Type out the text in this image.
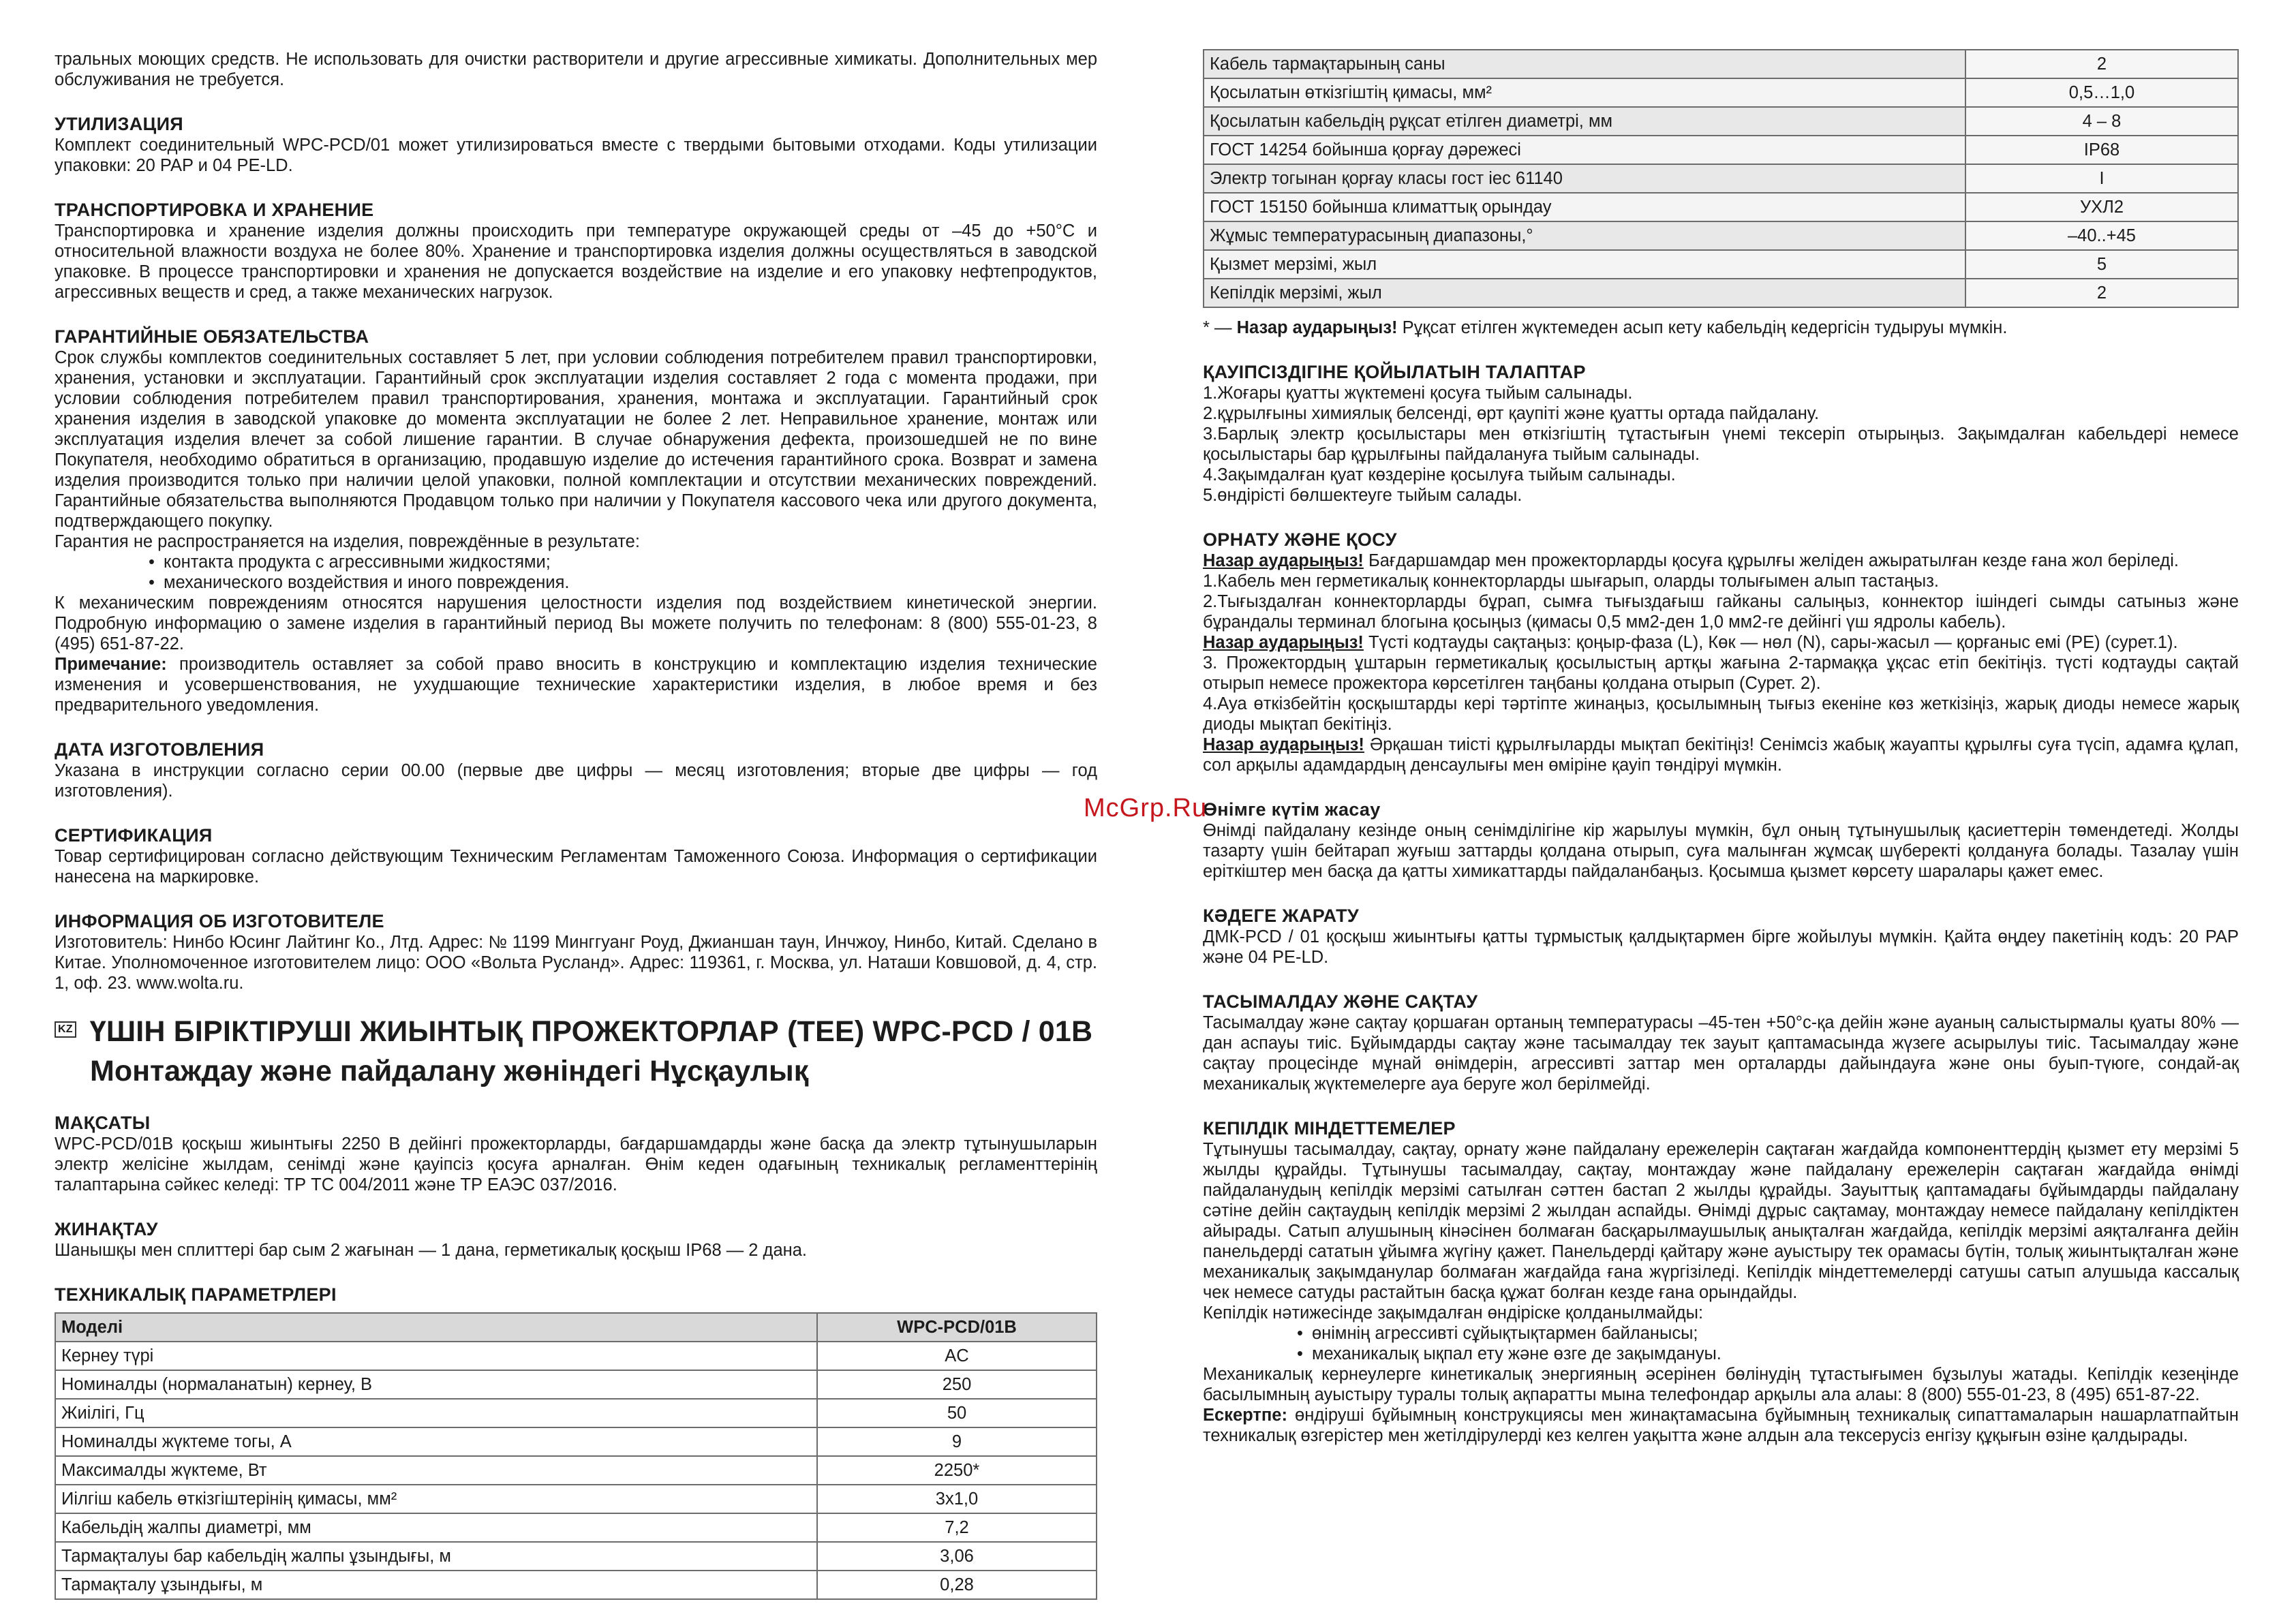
тральных моющих средств. Не использовать для очистки растворители и другие агрессивные химикаты. Дополнительных мер обслуживания не требуется.

УТИЛИЗАЦИЯ

Комплект соединительный WPC-PCD/01 может утилизироваться вместе с твердыми бытовыми отходами. Коды утилизации упаковки: 20 PAP и 04 PE-LD.

ТРАНСПОРТИРОВКА И ХРАНЕНИЕ

Транспортировка и хранение изделия должны происходить при температуре окружающей среды от –45 до +50°С и относительной влажности воздуха не более 80%. Хранение и транспортировка изделия должны осуществляться в заводской упаковке. В процессе транспортировки и хранения не допускается воздействие на изделие и его упаковку нефтепродуктов, агрессивных веществ и сред, а также механических нагрузок.

ГАРАНТИЙНЫЕ ОБЯЗАТЕЛЬСТВА

Срок службы комплектов соединительных составляет 5 лет, при условии соблюдения потребителем правил транспортировки, хранения, установки и эксплуатации. Гарантийный срок эксплуатации изделия составляет 2 года с момента продажи, при условии соблюдения потребителем правил транспортирования, хранения, монтажа и эксплуатации. Гарантийный срок хранения изделия в заводской упаковке до момента эксплуатации не более 2 лет. Неправильное хранение, монтаж или эксплуатация изделия влечет за собой лишение гарантии. В случае обнаружения дефекта, произошедшей не по вине Покупателя, необходимо обратиться в организацию, продавшую изделие до истечения гарантийного срока. Возврат и замена изделия производится только при наличии целой упаковки, полной комплектации и отсутствии механических повреждений. Гарантийные обязательства выполняются Продавцом только при наличии у Покупателя кассового чека или другого документа, подтверждающего покупку.

Гарантия не распространяется на изделия, повреждённые в результате:

• контакта продукта с агрессивными жидкостями;
• механического воздействия и иного повреждения.

К механическим повреждениям относятся нарушения целостности изделия под воздействием кинетической энергии. Подробную информацию о замене изделия в гарантийный период Вы можете получить по телефонам: 8 (800) 555-01-23, 8 (495) 651-87-22.

Примечание: производитель оставляет за собой право вносить в конструкцию и комплектацию изделия технические изменения и усовершенствования, не ухудшающие технические характеристики изделия, в любое время и без предварительного уведомления.

ДАТА ИЗГОТОВЛЕНИЯ

Указана в инструкции согласно серии 00.00 (первые две цифры — месяц изготовления; вторые две цифры — год изготовления).

СЕРТИФИКАЦИЯ

Товар сертифицирован согласно действующим Техническим Регламентам Таможенного Союза. Информация о сертификации нанесена на маркировке.

ИНФОРМАЦИЯ ОБ ИЗГОТОВИТЕЛЕ

Изготовитель: Нинбо Юсинг Лайтинг Ко., Лтд. Адрес: № 1199 Минггуанг Роуд, Джианшан таун, Инчжоу, Нинбо, Китай. Сделано в Китае. Уполномоченное изготовителем лицо: ООО «Вольта Русланд». Адрес: 119361, г. Москва, ул. Наташи Ковшовой, д. 4, стр. 1, оф. 23. www.wolta.ru.

KZ ҮШІН БІРІКТІРУШІ ЖИЫНТЫҚ ПРОЖЕКТОРЛАР (ТЕЕ) WPC-PCD / 01B
Монтаждау және пайдалану жөніндегі Нұсқаулық
МАҚСАТЫ

WPC-PCD/01B қосқыш жиынтығы 2250 В дейінгі прожекторларды, бағдаршамдарды және басқа да электр тұтынушыларын электр желісіне жылдам, сенімді және қауіпсіз қосуға арналған. Өнім кеден одағының техникалық регламенттерінің талаптарына сәйкес келеді: ТР ТС 004/2011 және ТР ЕАЭС 037/2016.

ЖИНАҚТАУ

Шанышқы мен сплиттері бар сым 2 жағынан — 1 дана, герметикалық қосқыш IP68 — 2 дана.

ТЕХНИКАЛЫҚ ПАРАМЕТРЛЕРІ
Моделі	WPC-PCD/01B
Кернеу түрі	AC
Номиналды (нормаланатын) кернеу, В	250
Жиілігі, Гц	50
Номиналды жүктеме тогы, А	9
Максималды жүктеме, Вт	2250*
Иілгіш кабель өткізгіштерінің қимасы, мм²	3х1,0
Кабельдің жалпы диаметрі, мм	7,2
Тармақталуы бар кабельдің жалпы ұзындығы, м	3,06
Тармақталу ұзындығы, м	0,28
Кабель тармақтарының саны	2
Қосылатын өткізгіштің қимасы, мм²	0,5…1,0
Қосылатын кабельдің рұқсат етілген диаметрі, мм	4 – 8
ГОСТ 14254 бойынша қорғау дәрежесі	IP68
Электр тогынан қорғау класы гост iec 61140	I
ГОСТ 15150 бойынша климаттық орындау	УХЛ2
Жұмыс температурасының диапазоны,°	–40..+45
Қызмет мерзімі, жыл	5
Кепілдік мерзімі, жыл	2

* — Назар аударыңыз! Рұқсат етілген жүктемеден асып кету кабельдің кедергісін тудыруы мүмкін.

ҚАУІПСІЗДІГІНЕ ҚОЙЫЛАТЫН ТАЛАПТАР

1.Жоғары қуатты жүктемені қосуға тыйым салынады.

2.құрылғыны химиялық белсенді, өрт қаупіті және қуатты ортада пайдалану.

3.Барлық электр қосылыстары мен өткізгіштің тұтастығын үнемі тексеріп отырыңыз. Зақымдалған кабельдері немесе қосылыстары бар құрылғыны пайдалануға тыйым салынады.

4.Зақымдалған қуат көздеріне қосылуға тыйым салынады.

5.өндірісті бөлшектеуге тыйым салады.

ОРНАТУ ЖӘНЕ ҚОСУ

Назар аударыңыз! Бағдаршамдар мен прожекторларды қосуға құрылғы желіден ажыратылған кезде ғана жол беріледі.

1.Кабель мен герметикалық коннекторларды шығарып, оларды толығымен алып тастаңыз.

2.Тығыздалған коннекторларды бұрап, сымға тығыздағыш гайканы салыңыз, коннектор ішіндегі сымды сатыныз және бұрандалы терминал блогына қосыңыз (қимасы 0,5 мм2-ден 1,0 мм2-ге дейінгі үш ядролы кабель).

Назар аударыңыз! Түсті кодтауды сақтаңыз: қоңыр-фаза (L), Көк — нөл (N), сары-жасыл — қорғаныс емі (PE) (сурет.1).

3. Прожектордың ұштарын герметикалық қосылыстың артқы жағына 2-тармаққа ұқсас етіп бекітіңіз. түсті кодтауды сақтай отырып немесе прожектора көрсетілген таңбаны қолдана отырып (Сурет. 2).

4.Ауа өткізбейтін қосқыштарды кері тәртіпте жинаңыз, қосылымның тығыз екеніне көз жеткізіңіз, жарық диоды немесе жарық диоды мықтап бекітіңіз.

Назар аударыңыз! Әрқашан тиісті құрылғыларды мықтап бекітіңіз! Сенімсіз жабық жауапты құрылғы суға түсіп, адамға құлап, сол арқылы адамдардың денсаулығы мен өміріне қауіп төндіруі мүмкін.

Өнімге күтім жасау

Өнімді пайдалану кезінде оның сенімділігіне кір жарылуы мүмкін, бұл оның тұтынушылық қасиеттерін төмендетеді. Жолды тазарту үшін бейтарап жуғыш заттарды қолдана отырып, суға малынған жұмсақ шүберекті қолдануға болады. Тазалау үшін еріткіштер мен басқа да қатты химикаттарды пайдаланбаңыз. Қосымша қызмет көрсету шаралары қажет емес.

КӘДЕГЕ ЖАРАТУ

ДМК-PCD / 01 қосқыш жиынтығы қатты тұрмыстық қалдықтармен бірге жойылуы мүмкін. Қайта өңдеу пакетінің кодъ: 20 PAP және 04 PE-LD.

ТАСЫМАЛДАУ ЖӘНЕ САҚТАУ

Тасымалдау және сақтау қоршаған ортаның температурасы –45-тен +50°с-қа дейін және ауаның салыстырмалы қуаты 80% — дан аспауы тиіс. Бұйымдарды сақтау және тасымалдау тек зауыт қаптамасында жүзеге асырылуы тиіс. Тасымалдау және сақтау процесінде мұнай өнімдерін, агрессивті заттар мен орталарды дайындауға және оны буып-түюге, сондай-ақ механикалық жүктемелерге ауа беруге жол берілмейді.

КЕПІЛДІК МІНДЕТТЕМЕЛЕР

Тұтынушы тасымалдау, сақтау, орнату және пайдалану ережелерін сақтаған жағдайда компоненттердің қызмет ету мерзімі 5 жылды құрайды. Тұтынушы тасымалдау, сақтау, монтаждау және пайдалану ережелерін сақтаған жағдайда өнімді пайдаланудың кепілдік мерзімі сатылған сәттен бастап 2 жылды құрайды. Зауыттық қаптамадағы бұйымдарды пайдалану сәтіне дейін сақтаудың кепілдік мерзімі 2 жылдан аспайды. Өнімді дұрыс сақтамау, монтаждау немесе пайдалану кепілдіктен айырады. Сатып алушының кінәсінен болмаған басқарылмаушылық анықталған жағдайда, кепілдік мерзімі аяқталғанға дейін панельдерді сататын ұйымға жүгіну қажет. Панельдерді қайтару және ауыстыру тек орамасы бүтін, толық жиынтықталған және механикалық зақымданулар болмаған жағдайда ғана жүргізіледі. Кепілдік міндеттемелерді сатушы сатып алушыда кассалық чек немесе сатуды растайтын басқа құжат болған кезде ғана орындайды.

Кепілдік нәтижесінде зақымдалған өндіріске қолданылмайды:

• өнімнің агрессивті сұйықтықтармен байланысы;
• механикалық ықпал ету және өзге де зақымдануы.

Механикалық кернеулерге кинетикалық энергияның әсерінен бөлінудің тұтастығымен бұзылуы жатады. Кепілдік кезеңінде басылымның ауыстыру туралы толық ақпаратты мына телефондар арқылы ала алаы: 8 (800) 555-01-23, 8 (495) 651-87-22.

Ескертпе: өндіруші бұйымның конструкциясы мен жинақтамасына бұйымның техникалық сипаттамаларын нашарлатпайтын техникалық өзгерістер мен жетілдірулерді кез келген уақытта және алдын ала тексерусіз енгізу құқығын өзіне қалдырады.

McGrp.Ru
